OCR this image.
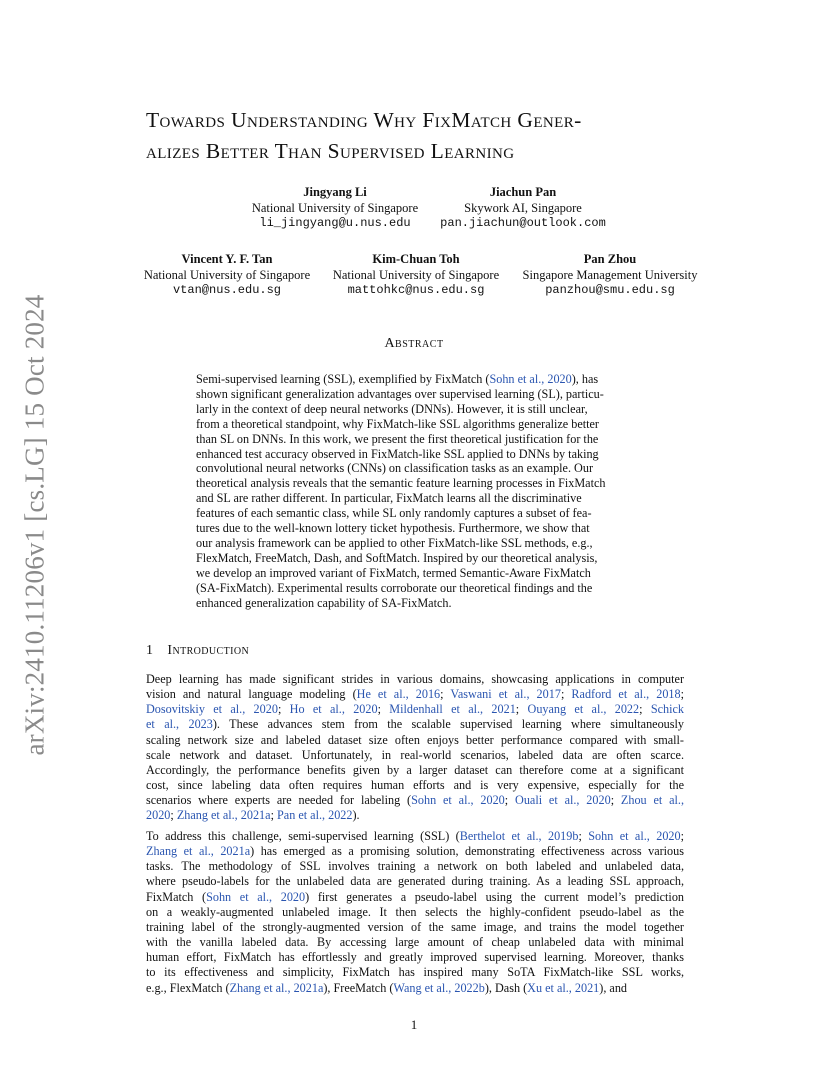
arXiv:2410.11206v1 [cs.LG] 15 Oct 2024
Towards Understanding Why FixMatch Gener-
alizes Better Than Supervised Learning
Jingyang Li
National University of Singapore
li_jingyang@u.nus.edu
Jiachun Pan
Skywork AI, Singapore
pan.jiachun@outlook.com
Vincent Y. F. Tan
National University of Singapore
vtan@nus.edu.sg
Kim-Chuan Toh
National University of Singapore
mattohkc@nus.edu.sg
Pan Zhou
Singapore Management University
panzhou@smu.edu.sg
Abstract
Semi-supervised learning (SSL), exemplified by FixMatch (Sohn et al., 2020), has
shown significant generalization advantages over supervised learning (SL), particu-
larly in the context of deep neural networks (DNNs). However, it is still unclear,
from a theoretical standpoint, why FixMatch-like SSL algorithms generalize better
than SL on DNNs. In this work, we present the first theoretical justification for the
enhanced test accuracy observed in FixMatch-like SSL applied to DNNs by taking
convolutional neural networks (CNNs) on classification tasks as an example. Our
theoretical analysis reveals that the semantic feature learning processes in FixMatch
and SL are rather different. In particular, FixMatch learns all the discriminative
features of each semantic class, while SL only randomly captures a subset of fea-
tures due to the well-known lottery ticket hypothesis. Furthermore, we show that
our analysis framework can be applied to other FixMatch-like SSL methods, e.g.,
FlexMatch, FreeMatch, Dash, and SoftMatch. Inspired by our theoretical analysis,
we develop an improved variant of FixMatch, termed Semantic-Aware FixMatch
(SA-FixMatch). Experimental results corroborate our theoretical findings and the
enhanced generalization capability of SA-FixMatch.
1 Introduction
Deep learning has made significant strides in various domains, showcasing applications in computer
vision and natural language modeling (He et al., 2016; Vaswani et al., 2017; Radford et al., 2018;
Dosovitskiy et al., 2020; Ho et al., 2020; Mildenhall et al., 2021; Ouyang et al., 2022; Schick
et al., 2023). These advances stem from the scalable supervised learning where simultaneously
scaling network size and labeled dataset size often enjoys better performance compared with small-
scale network and dataset. Unfortunately, in real-world scenarios, labeled data are often scarce.
Accordingly, the performance benefits given by a larger dataset can therefore come at a significant
cost, since labeling data often requires human efforts and is very expensive, especially for the
scenarios where experts are needed for labeling (Sohn et al., 2020; Ouali et al., 2020; Zhou et al.,
2020; Zhang et al., 2021a; Pan et al., 2022).
To address this challenge, semi-supervised learning (SSL) (Berthelot et al., 2019b; Sohn et al., 2020;
Zhang et al., 2021a) has emerged as a promising solution, demonstrating effectiveness across various
tasks. The methodology of SSL involves training a network on both labeled and unlabeled data,
where pseudo-labels for the unlabeled data are generated during training. As a leading SSL approach,
FixMatch (Sohn et al., 2020) first generates a pseudo-label using the current model’s prediction
on a weakly-augmented unlabeled image. It then selects the highly-confident pseudo-label as the
training label of the strongly-augmented version of the same image, and trains the model together
with the vanilla labeled data. By accessing large amount of cheap unlabeled data with minimal
human effort, FixMatch has effortlessly and greatly improved supervised learning. Moreover, thanks
to its effectiveness and simplicity, FixMatch has inspired many SoTA FixMatch-like SSL works,
e.g., FlexMatch (Zhang et al., 2021a), FreeMatch (Wang et al., 2022b), Dash (Xu et al., 2021), and
1
